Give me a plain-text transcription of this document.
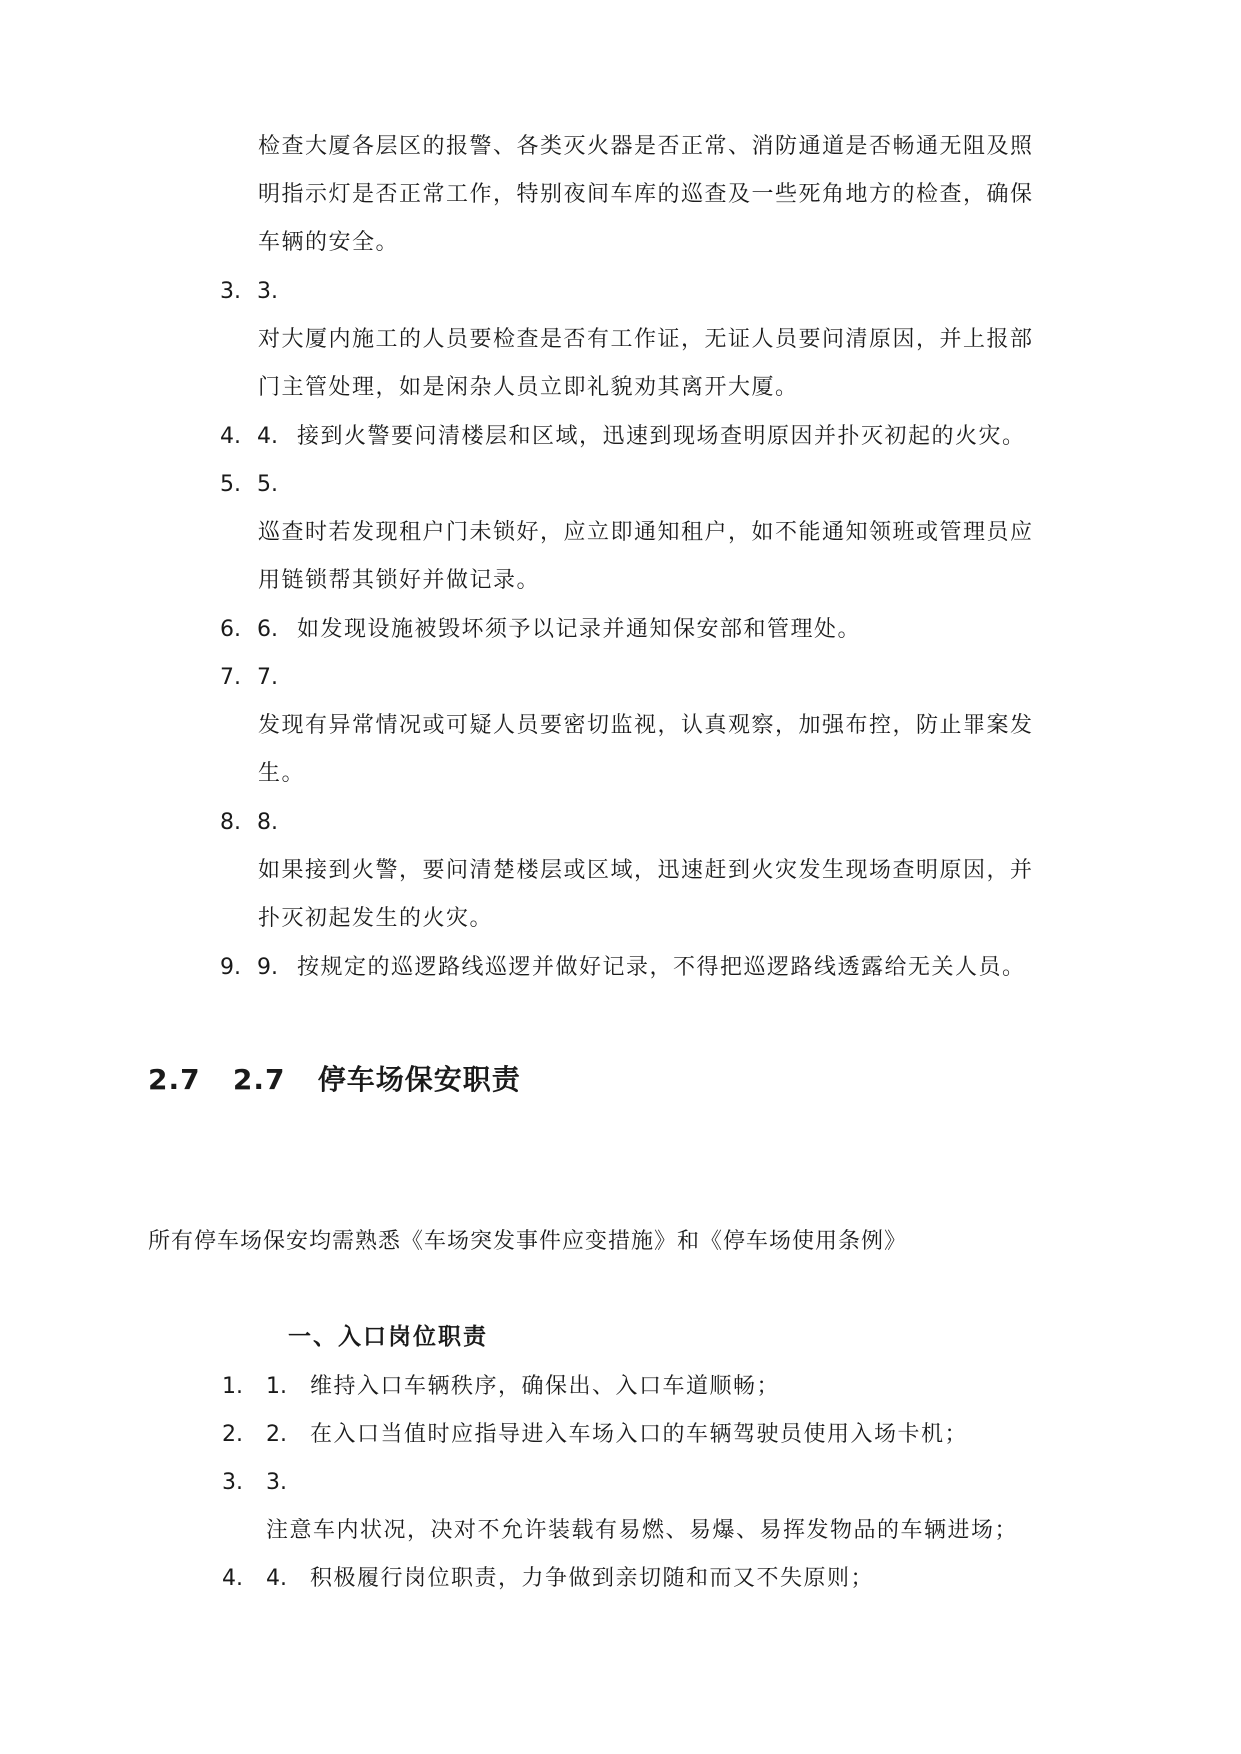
检查大厦各层区的报警、各类灭火器是否正常、消防通道是否畅通无阻及照
明指示灯是否正常工作，特别夜间车库的巡查及一些死角地方的检查，确保
车辆的安全。
3. 3.
对大厦内施工的人员要检查是否有工作证，无证人员要问清原因，并上报部
门主管处理，如是闲杂人员立即礼貌劝其离开大厦。
4. 4. 接到火警要问清楼层和区域，迅速到现场查明原因并扑灭初起的火灾。
5. 5.
巡查时若发现租户门未锁好，应立即通知租户，如不能通知领班或管理员应
用链锁帮其锁好并做记录。
6. 6. 如发现设施被毁坏须予以记录并通知保安部和管理处。
7. 7.
发现有异常情况或可疑人员要密切监视，认真观察，加强布控，防止罪案发
生。
8. 8.
如果接到火警，要问清楚楼层或区域，迅速赶到火灾发生现场查明原因，并
扑灭初起发生的火灾。
9. 9. 按规定的巡逻路线巡逻并做好记录，不得把巡逻路线透露给无关人员。
2.7   2.7   停车场保安职责
所有停车场保安均需熟悉《车场突发事件应变措施》和《停车场使用条例》
一、入口岗位职责
1. 1. 维持入口车辆秩序，确保出、入口车道顺畅；
2. 2. 在入口当值时应指导进入车场入口的车辆驾驶员使用入场卡机；
3. 3.
注意车内状况，决对不允许装载有易燃、易爆、易挥发物品的车辆进场；
4. 4. 积极履行岗位职责，力争做到亲切随和而又不失原则；
